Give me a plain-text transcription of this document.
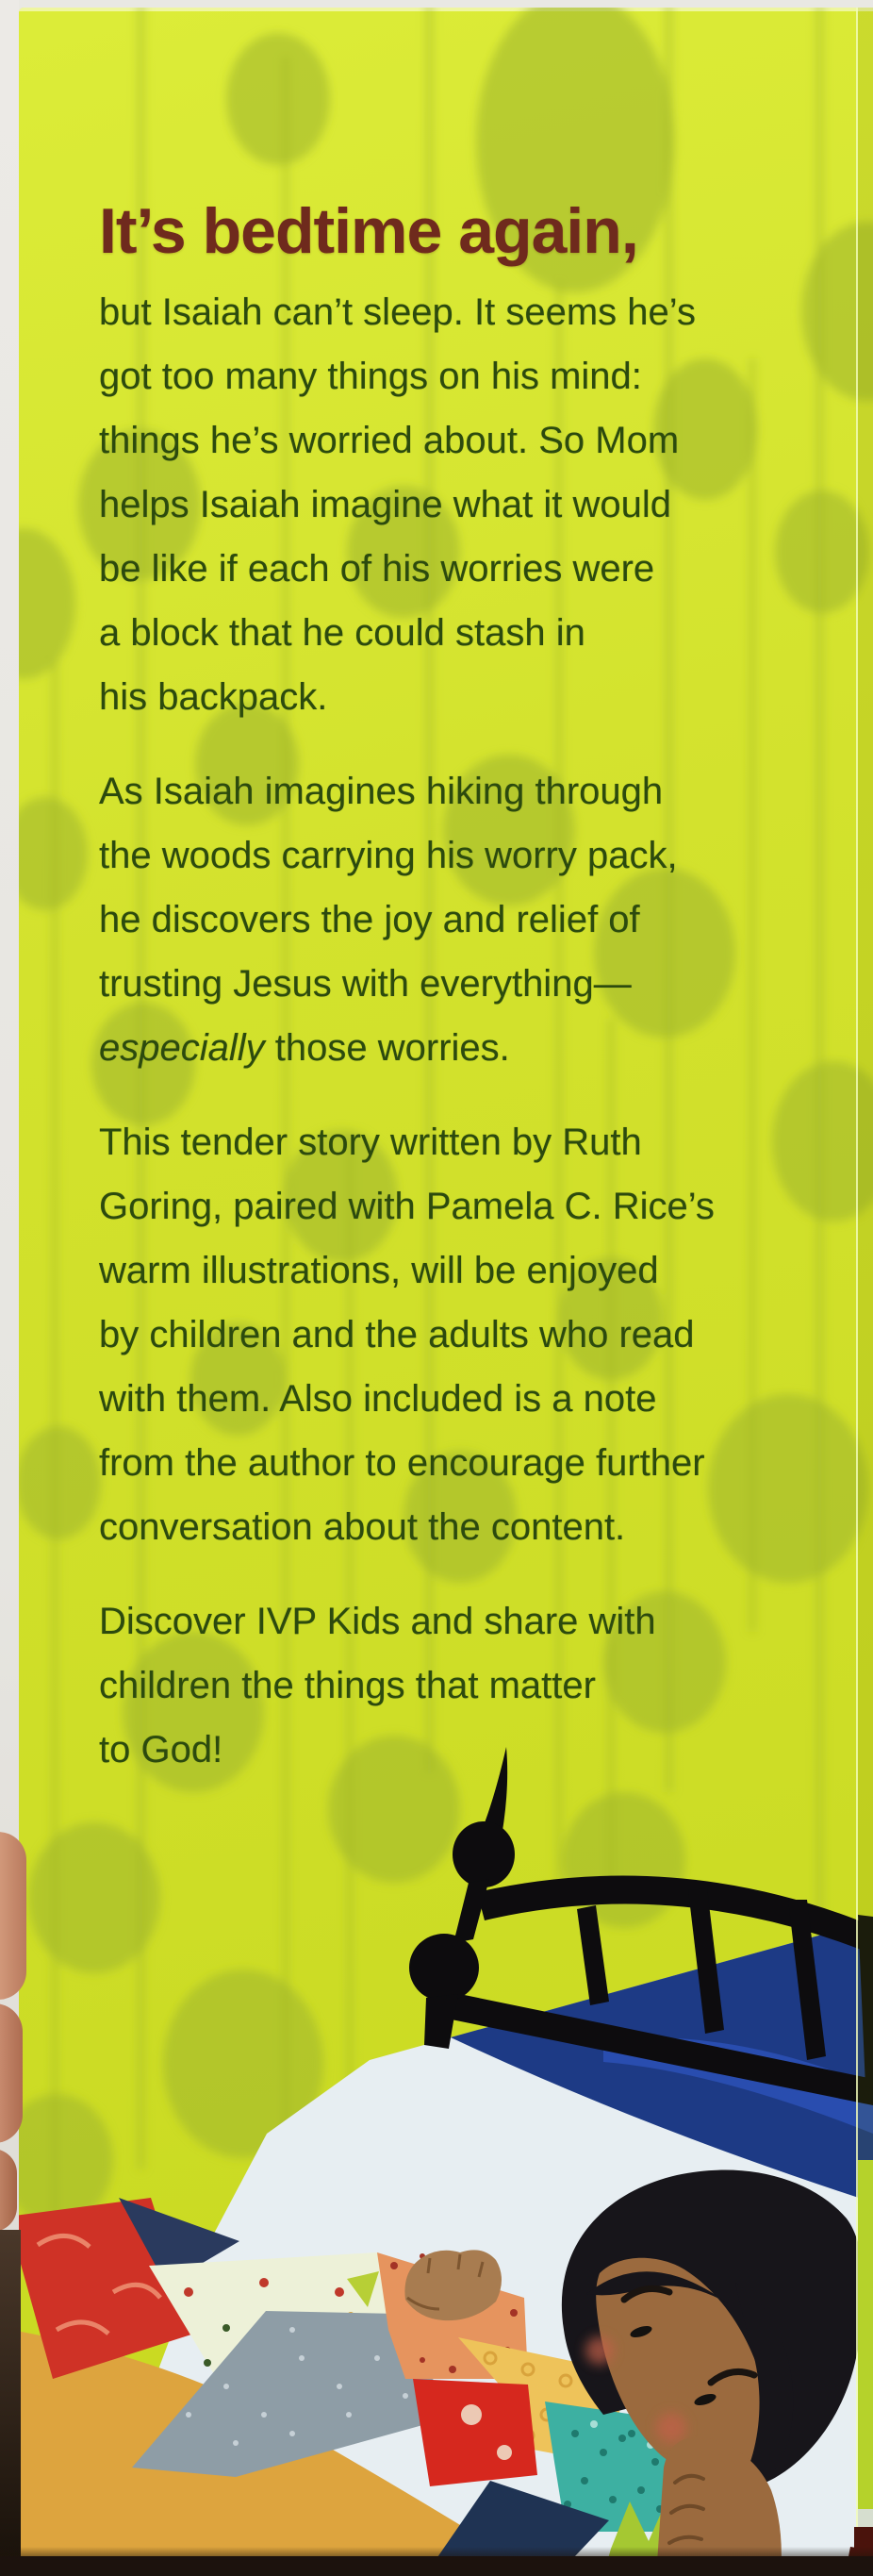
It’s bedtime again,
but Isaiah can’t sleep. It seems he’s
got too many things on his mind:
things he’s worried about. So Mom
helps Isaiah imagine what it would
be like if each of his worries were
a block that he could stash in
his backpack.
As Isaiah imagines hiking through
the woods carrying his worry pack,
he discovers the joy and relief of
trusting Jesus with everything—
especially those worries.
This tender story written by Ruth
Goring, paired with Pamela C. Rice’s
warm illustrations, will be enjoyed
by children and the adults who read
with them. Also included is a note
from the author to encourage further
conversation about the content.
Discover IVP Kids and share with
children the things that matter
to God!
